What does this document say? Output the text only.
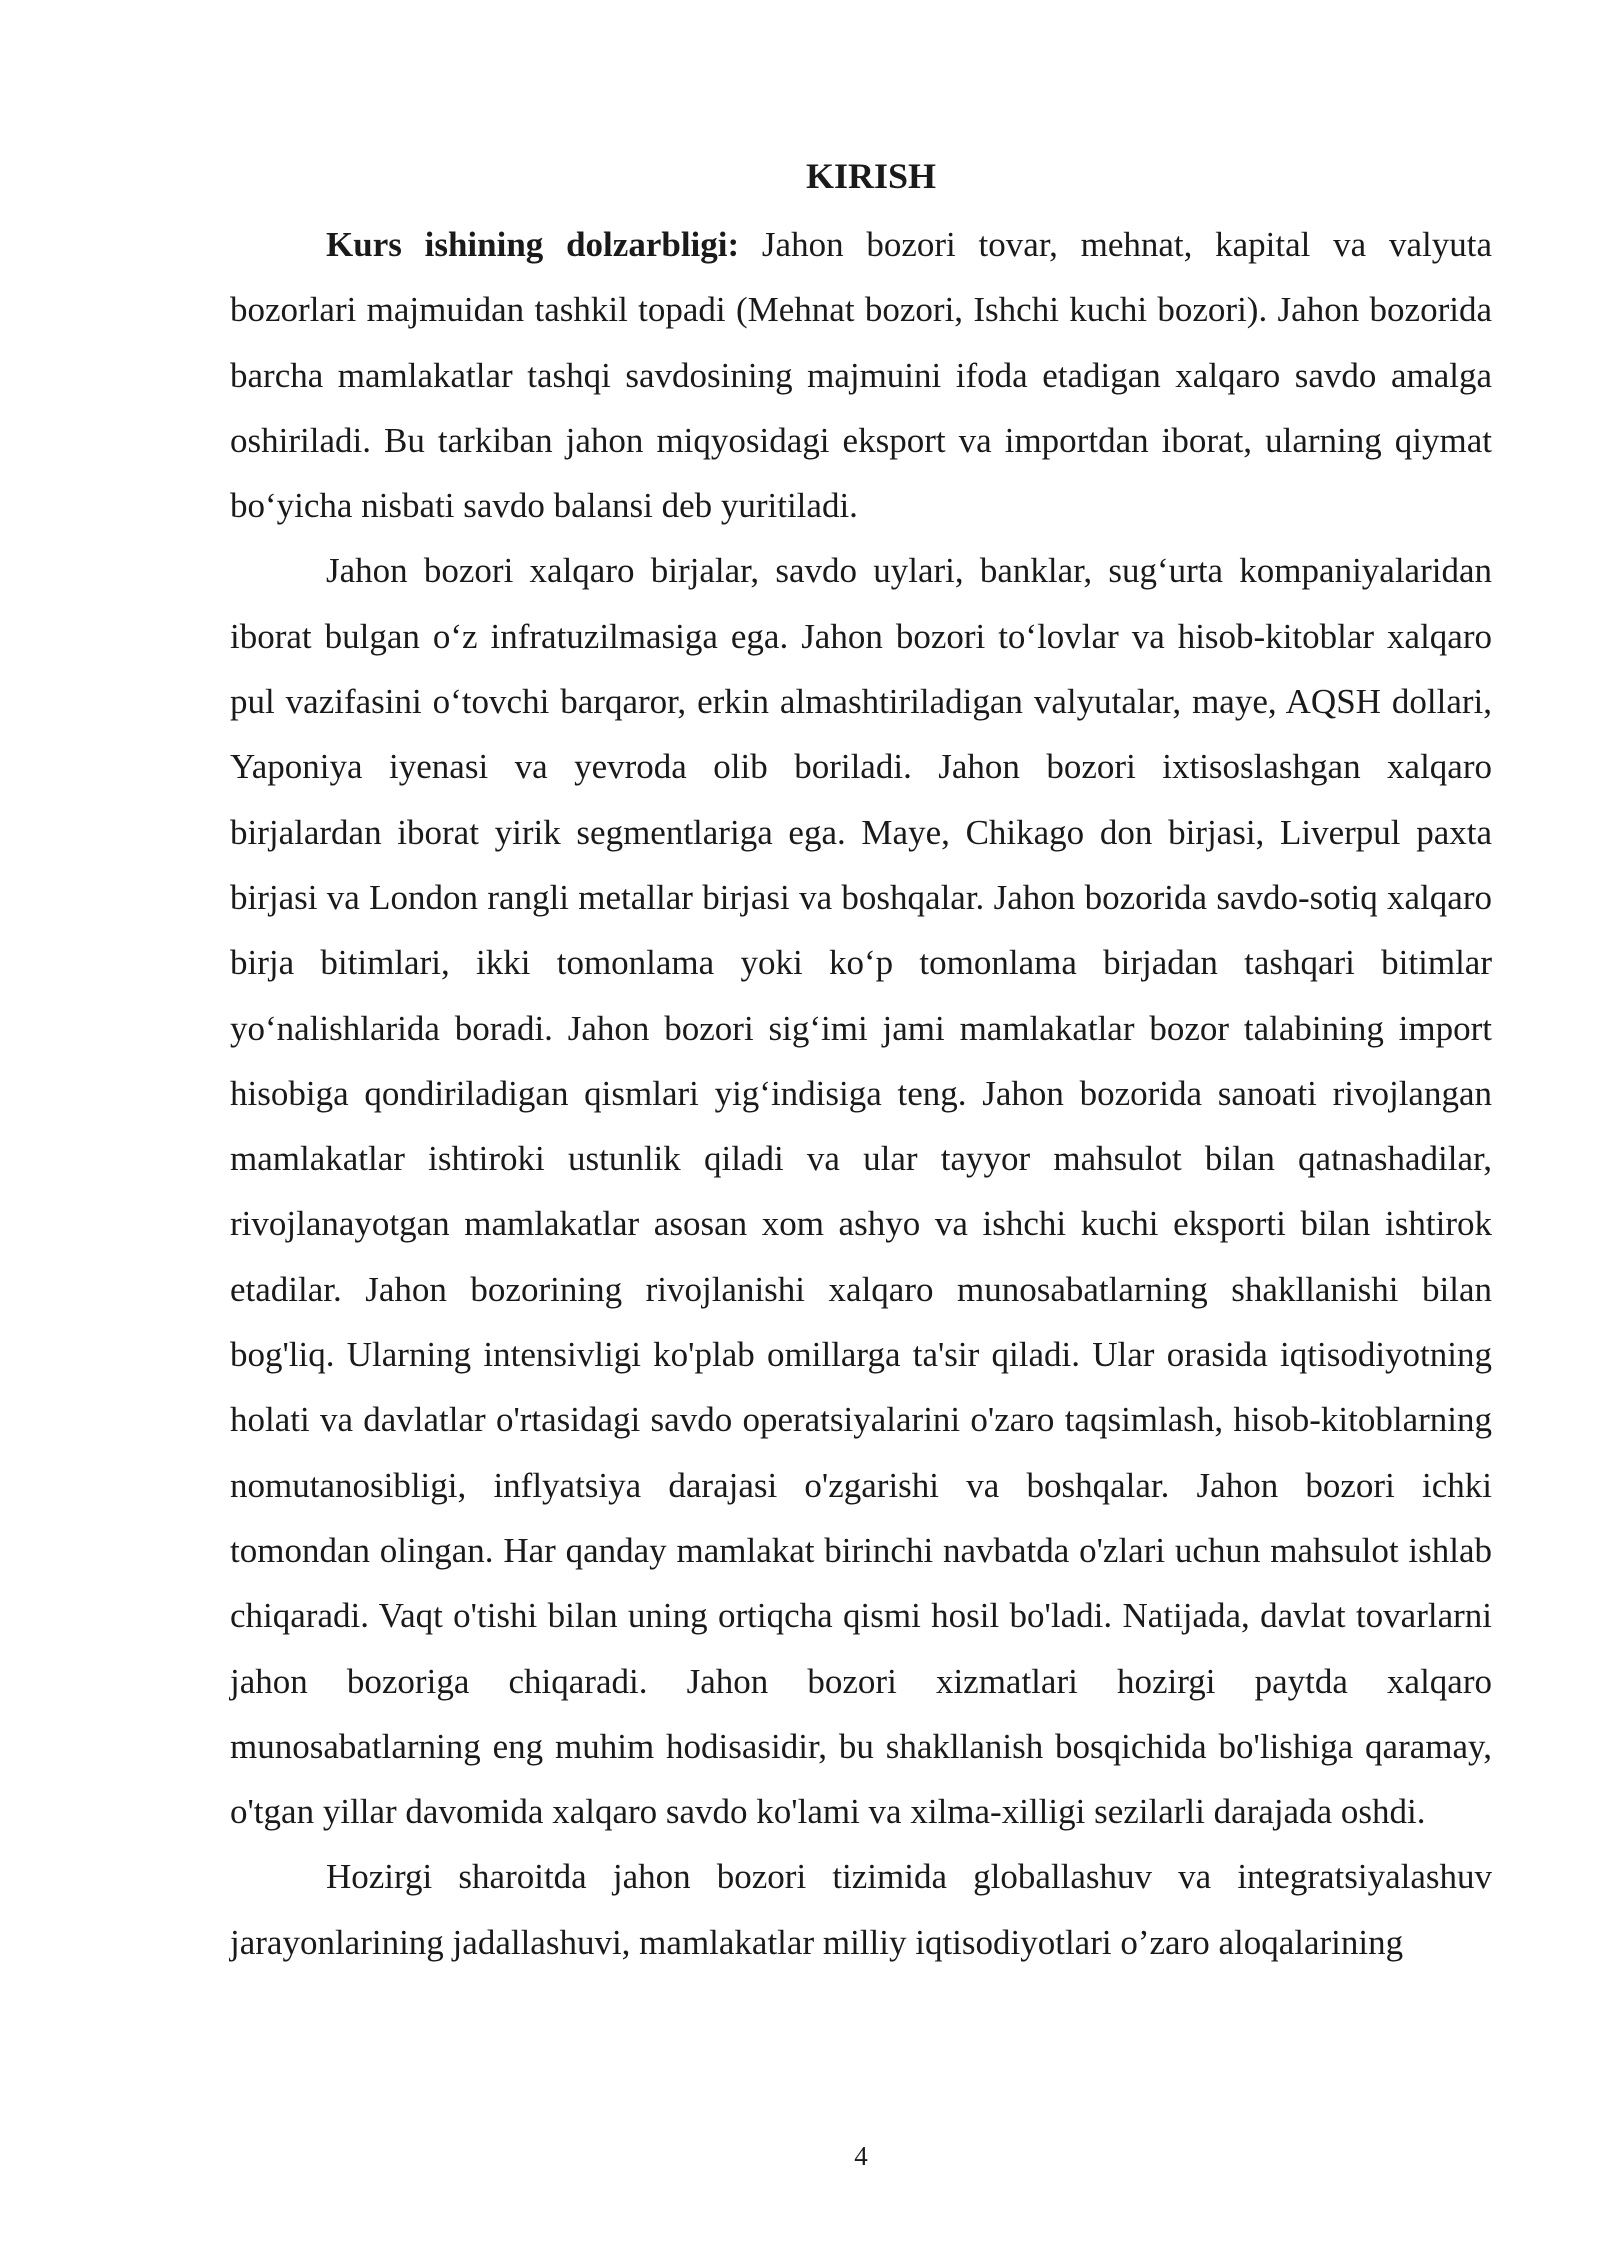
KIRISH

Kurs ishining dolzarbligi: Jahon bozori tovar, mehnat, kapital va valyuta bozorlari majmuidan tashkil topadi (Mehnat bozori, Ishchi kuchi bozori). Jahon bozorida barcha mamlakatlar tashqi savdosining majmuini ifoda etadigan xalqaro savdo amalga oshiriladi. Bu tarkiban jahon miqyosidagi eksport va importdan iborat, ularning qiymat boʻyicha nisbati savdo balansi deb yuritiladi.

Jahon bozori xalqaro birjalar, savdo uylari, banklar, sugʻurta kompaniyalaridan iborat bulgan oʻz infratuzilmasiga ega. Jahon bozori toʻlovlar va hisob-kitoblar xalqaro pul vazifasini oʻtovchi barqaror, erkin almashtiriladigan valyutalar, maye, AQSH dollari, Yaponiya iyenasi va yevroda olib boriladi. Jahon bozori ixtisoslashgan xalqaro birjalardan iborat yirik segmentlariga ega. Maye, Chikago don birjasi, Liverpul paxta birjasi va London rangli metallar birjasi va boshqalar. Jahon bozorida savdo-sotiq xalqaro birja bitimlari, ikki tomonlama yoki koʻp tomonlama birjadan tashqari bitimlar yoʻnalishlarida boradi. Jahon bozori sigʻimi jami mamlakatlar bozor talabining import hisobiga qondiriladigan qismlari yigʻindisiga teng. Jahon bozorida sanoati rivojlangan mamlakatlar ishtiroki ustunlik qiladi va ular tayyor mahsulot bilan qatnashadilar, rivojlanayotgan mamlakatlar asosan xom ashyo va ishchi kuchi eksporti bilan ishtirok etadilar. Jahon bozorining rivojlanishi xalqaro munosabatlarning shakllanishi bilan bog'liq. Ularning intensivligi ko'plab omillarga ta'sir qiladi. Ular orasida iqtisodiyotning holati va davlatlar o'rtasidagi savdo operatsiyalarini o'zaro taqsimlash, hisob-kitoblarning nomutanosibligi, inflyatsiya darajasi o'zgarishi va boshqalar. Jahon bozori ichki tomondan olingan. Har qanday mamlakat birinchi navbatda o'zlari uchun mahsulot ishlab chiqaradi. Vaqt o'tishi bilan uning ortiqcha qismi hosil bo'ladi. Natijada, davlat tovarlarni jahon bozoriga chiqaradi. Jahon bozori xizmatlari hozirgi paytda xalqaro munosabatlarning eng muhim hodisasidir, bu shakllanish bosqichida bo'lishiga qaramay, o'tgan yillar davomida xalqaro savdo ko'lami va xilma-xilligi sezilarli darajada oshdi.

Hozirgi sharoitda jahon bozori tizimida globallashuv va integratsiyalashuv jarayonlarining jadallashuvi, mamlakatlar milliy iqtisodiyotlari o’zaro aloqalarining

4
